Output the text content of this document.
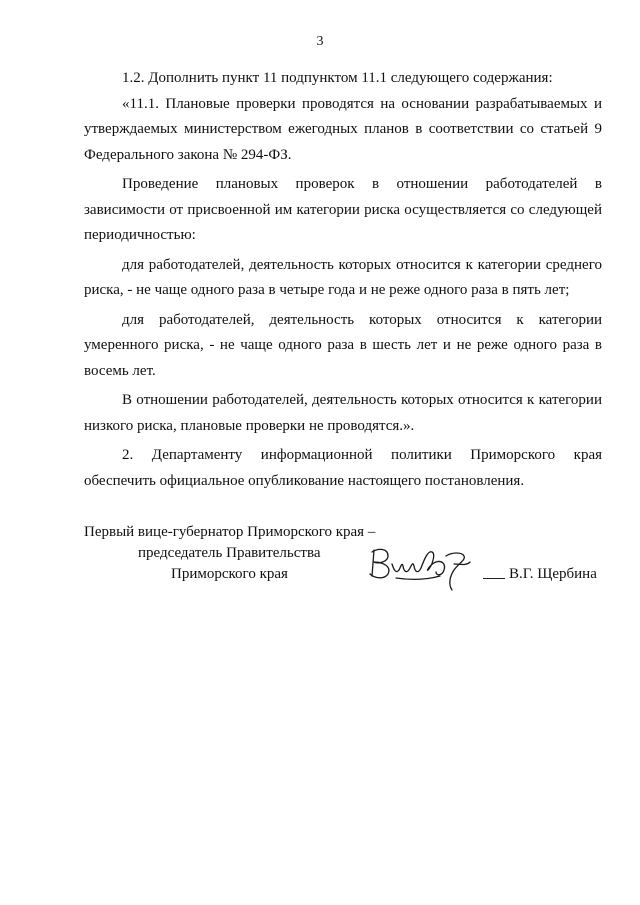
3

1.2. Дополнить пункт 11 подпунктом 11.1 следующего содержания:

«11.1. Плановые проверки проводятся на основании разрабатываемых и утверждаемых министерством ежегодных планов в соответствии со статьей 9 Федерального закона № 294-ФЗ.

Проведение плановых проверок в отношении работодателей в зависимости от присвоенной им категории риска осуществляется со следующей периодичностью:

для работодателей, деятельность которых относится к категории среднего риска, - не чаще одного раза в четыре года и не реже одного раза в пять лет;

для работодателей, деятельность которых относится к категории умеренного риска, - не чаще одного раза в шесть лет и не реже одного раза в восемь лет.

В отношении работодателей, деятельность которых относится к категории низкого риска, плановые проверки не проводятся.».

2. Департаменту информационной политики Приморского края обеспечить официальное опубликование настоящего постановления.

Первый вице-губернатор Приморского края –
председатель Правительства
Приморского края	В.Г. Щербина
